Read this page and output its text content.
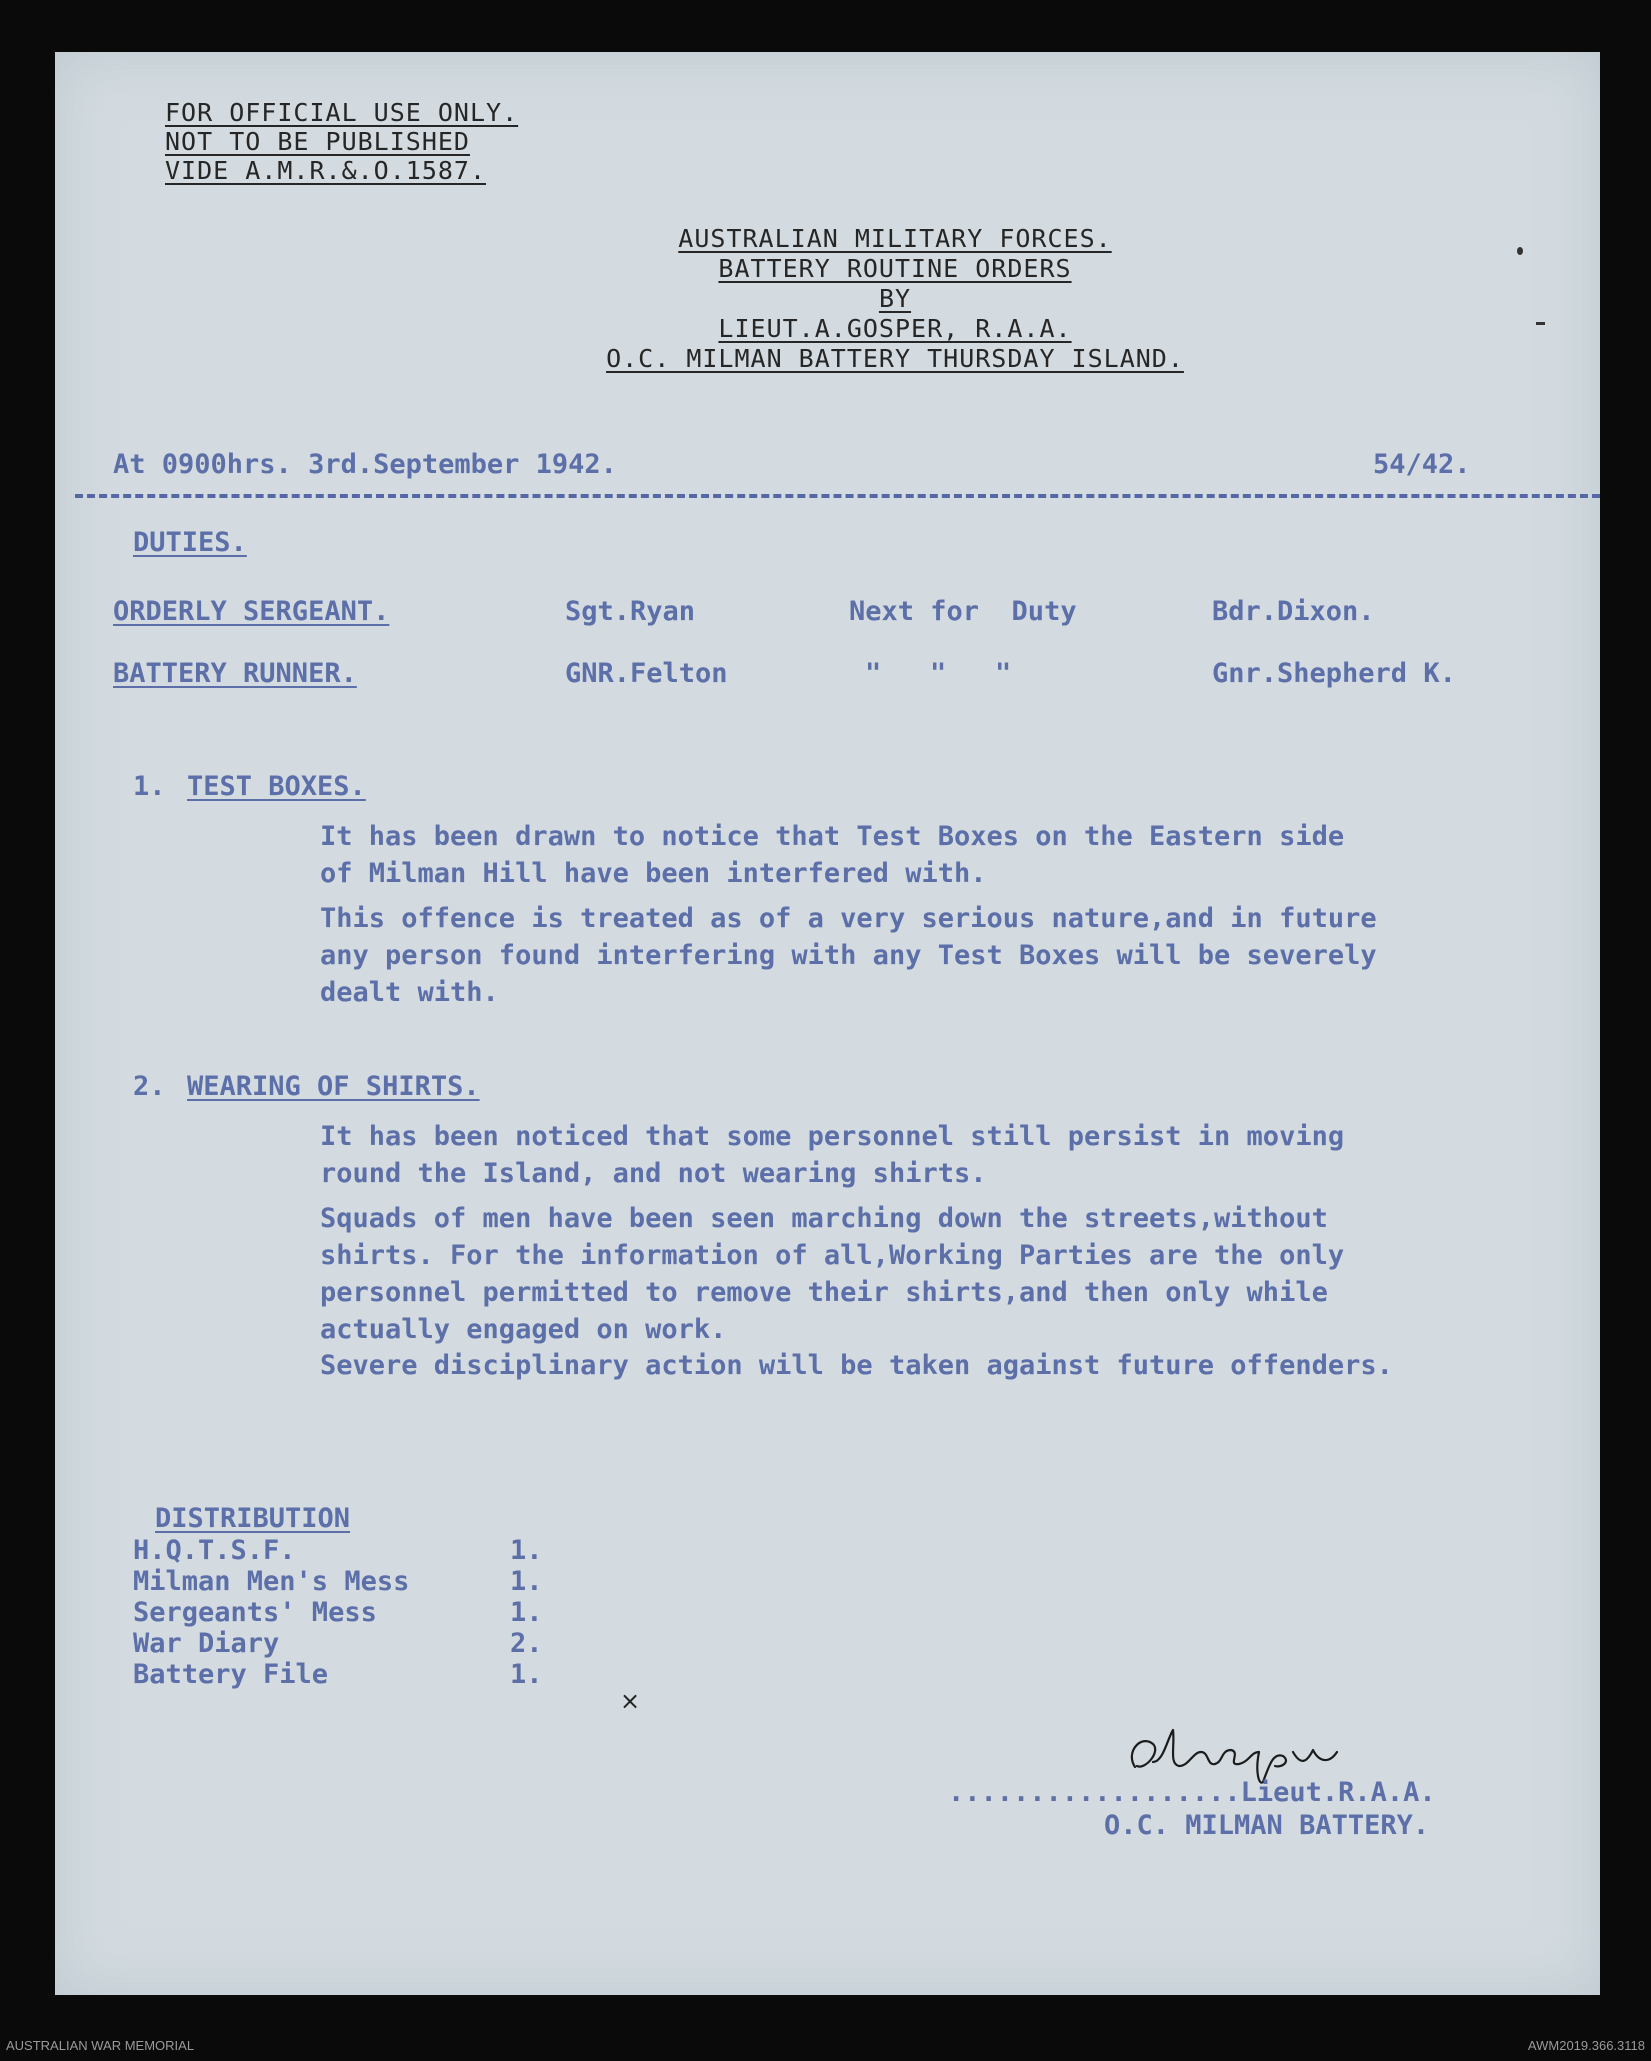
FOR OFFICIAL USE ONLY.
NOT TO BE PUBLISHED
VIDE A.M.R.&.O.1587.
AUSTRALIAN MILITARY FORCES.
BATTERY ROUTINE ORDERS
BY
LIEUT.A.GOSPER, R.A.A.
O.C. MILMAN BATTERY THURSDAY ISLAND.
At 0900hrs. 3rd.September 1942.	54/42.
DUTIES.
ORDERLY SERGEANT.	Sgt.Ryan	Next for  Duty	Bdr.Dixon.
BATTERY RUNNER.	GNR.Felton	"   "   "	Gnr.Shepherd K.
1. TEST BOXES.
It has been drawn to notice that Test Boxes on the Eastern side
of Milman Hill have been interfered with.
This offence is treated as of a very serious nature,and in future
any person found interfering with any Test Boxes will be severely
dealt with.
2. WEARING OF SHIRTS.
It has been noticed that some personnel still persist in moving
round the Island, and not wearing shirts.
Squads of men have been seen marching down the streets,without
shirts. For the information of all,Working Parties are the only
personnel permitted to remove their shirts,and then only while
actually engaged on work.
Severe disciplinary action will be taken against future offenders.
DISTRIBUTION
H.Q.T.S.F.	1.
Milman Men's Mess	1.
Sergeants' Mess	1.
War Diary	2.
Battery File	1.
×
..................Lieut.R.A.A.
O.C. MILMAN BATTERY.
AUSTRALIAN WAR MEMORIAL	AWM2019.366.3118
